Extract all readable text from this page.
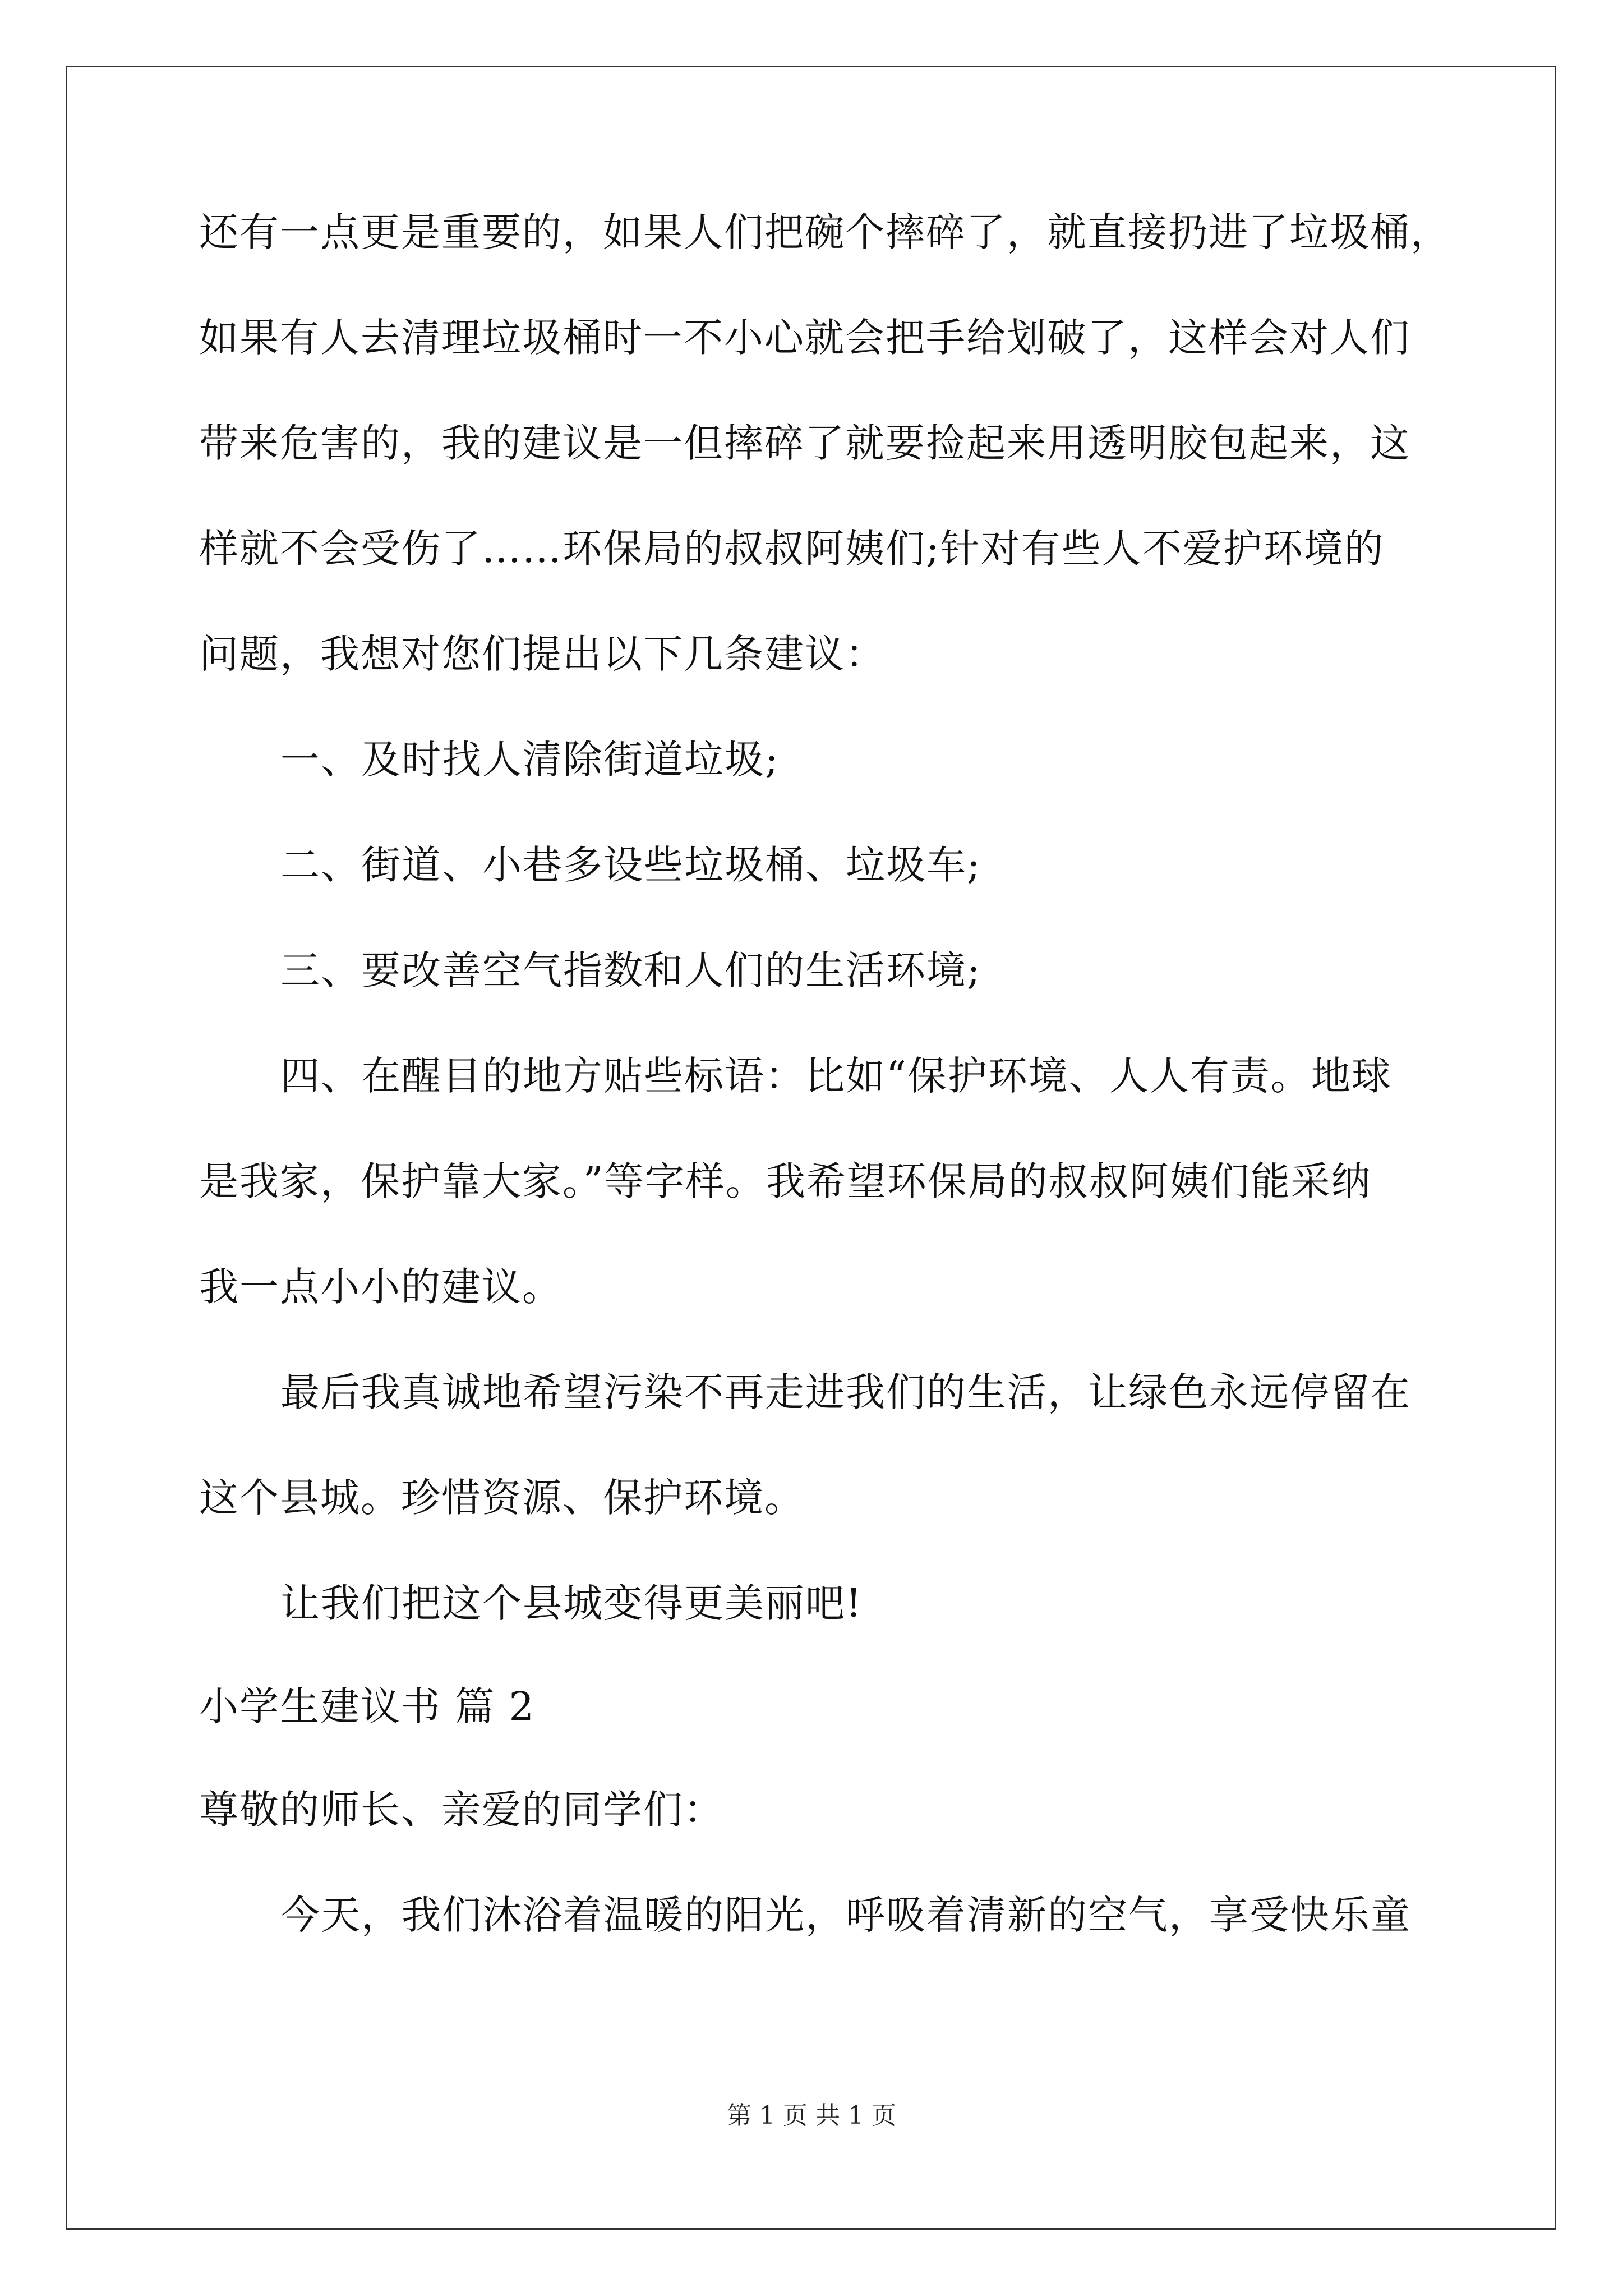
还有一点更是重要的，如果人们把碗个摔碎了，就直接扔进了垃圾桶，
如果有人去清理垃圾桶时一不小心就会把手给划破了，这样会对人们
带来危害的，我的建议是一但摔碎了就要捡起来用透明胶包起来，这
样就不会受伤了……环保局的叔叔阿姨们;针对有些人不爱护环境的
问题，我想对您们提出以下几条建议：
一、及时找人清除街道垃圾;
二、街道、小巷多设些垃圾桶、垃圾车;
三、要改善空气指数和人们的生活环境;
四、在醒目的地方贴些标语：比如“保护环境、人人有责。地球
是我家，保护靠大家。”等字样。我希望环保局的叔叔阿姨们能采纳
我一点小小的建议。
最后我真诚地希望污染不再走进我们的生活，让绿色永远停留在
这个县城。珍惜资源、保护环境。
让我们把这个县城变得更美丽吧!
小学生建议书 篇 2
尊敬的师长、亲爱的同学们：
今天，我们沐浴着温暖的阳光，呼吸着清新的空气，享受快乐童
第 1 页 共 1 页
